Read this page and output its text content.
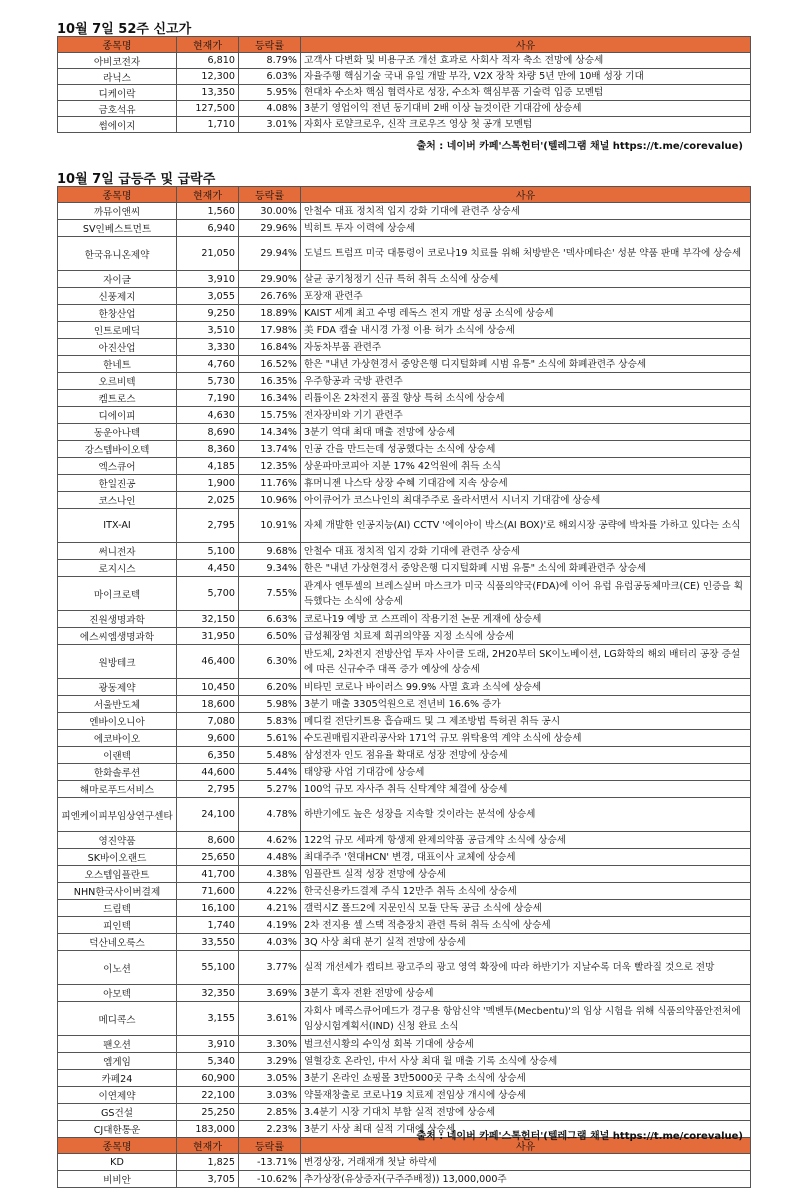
10월 7일 52주 신고가
종목명	현재가	등락률	사유
아비코전자	6,810	8.79%	고객사 다변화 및 비용구조 개선 효과로 사회사 적자 축소 전망에 상승세
라닉스	12,300	6.03%	자율주행 핵심기술 국내 유일 개발 부각, V2X 장착 차량 5년 만에 10배 성장 기대
디케이락	13,350	5.95%	현대차 수소차 핵심 협력사로 성장, 수소차 핵심부품 기술력 입증 모멘텀
금호석유	127,500	4.08%	3분기 영업이익 전년 동기대비 2배 이상 늘것이란 기대감에 상승세
썸에이지	1,710	3.01%	자회사 로얄크로우, 신작 크로우즈 영상 첫 공개 모멘텀
출처 : 네이버 카페'스톡헌터'(텔레그램 채널 https://t.me/corevalue)
10월 7일 급등주 및 급락주
종목명	현재가	등락률	사유
까뮤이앤씨	1,560	30.00%	안철수 대표 정치적 입지 강화 기대에 관련주 상승세
SV인베스트먼트	6,940	29.96%	빅히트 투자 이력에 상승세
한국유니온제약	21,050	29.94%	도널드 트럼프 미국 대통령이 코로나19 치료를 위해 처방받은 '덱사메타손' 성분 약품 판매 부각에 상승세
자이글	3,910	29.90%	살균 공기청정기 신규 특허 취득 소식에 상승세
신풍제지	3,055	26.76%	포장재 관련주
한창산업	9,250	18.89%	KAIST 세계 최고 수명 레독스 전지 개발 성공 소식에 상승세
인트로메딕	3,510	17.98%	美 FDA 캡슐 내시경 가정 이용 허가 소식에 상승세
아진산업	3,330	16.84%	자동차부품 관련주
한네트	4,760	16.52%	한은 "내년 가상현경서 중앙은행 디지털화폐 시범 유통" 소식에 화폐관련주 상승세
오르비텍	5,730	16.35%	우주항공과 국방 관련주
켐트로스	7,190	16.34%	리튬이온 2차전지 품질 향상 특허 소식에 상승세
디에이피	4,630	15.75%	전자장비와 기기 관련주
동운아나텍	8,690	14.34%	3분기 역대 최대 매출 전망에 상승세
강스템바이오텍	8,360	13.74%	인공 간을 만드는데 성공했다는 소식에 상승세
엑스큐어	4,185	12.35%	상운파마코피아 지분 17% 42억원에 취득 소식
한일진공	1,900	11.76%	휴머니젠 나스닥 상장 수혜 기대감에 지속 상승세
코스나인	2,025	10.96%	아이큐어가 코스나인의 최대주주로 올라서면서 시너지 기대감에 상승세
ITX-AI	2,795	10.91%	자체 개발한 인공지능(AI) CCTV '에이아이 박스(AI BOX)'로 해외시장 공략에 박차를 가하고 있다는 소식
써니전자	5,100	9.68%	안철수 대표 정치적 입지 강화 기대에 관련주 상승세
로지시스	4,450	9.34%	한은 "내년 가상현경서 중앙은행 디지털화폐 시범 유통" 소식에 화폐관련주 상승세
마이크로텍	5,700	7.55%	관계사 엔투셀의 브레스실버 마스크가 미국 식품의약국(FDA)에 이어 유럽 유럽공동체마크(CE) 인증을 획득했다는 소식에 상승세
진원생명과학	32,150	6.63%	코로나19 예방 코 스프레이 작용기전 논문 게재에 상승세
에스씨엠생명과학	31,950	6.50%	급성췌장염 치료제 희귀의약품 지정 소식에 상승세
원방테크	46,400	6.30%	반도체, 2차전지 전방산업 투자 사이클 도래, 2H20부터 SK이노베이션, LG화학의 해외 배터리 공장 증설에 따른 신규수주 대폭 증가 예상에 상승세
광동제약	10,450	6.20%	비타민 코로나 바이러스 99.9% 사멸 효과 소식에 상승세
서울반도체	18,600	5.98%	3분기 매출 3305억원으로 전년비 16.6% 증가
엔바이오니아	7,080	5.83%	메디컬 전단키트용 흡습패드 및 그 제조방법 특허권 취득 공시
에코바이오	9,600	5.61%	수도권매립지관리공사와 171억 규모 위탁용역 계약 소식에 상승세
이랜텍	6,350	5.48%	삼성전자 인도 점유율 확대로 성장 전망에 상승세
한화솔루션	44,600	5.44%	태양광 사업 기대감에 상승세
해마로푸드서비스	2,795	5.27%	100억 규모 자사주 취득 신탁계약 체결에 상승세
피엔케이피부임상연구센타	24,100	4.78%	하반기에도 높은 성장을 지속할 것이라는 분석에 상승세
영진약품	8,600	4.62%	122억 규모 세파계 항생제 완제의약품 공급계약 소식에 상승세
SK바이오랜드	25,650	4.48%	최대주주 '현대HCN' 변경, 대표이사 교체에 상승세
오스템임플란트	41,700	4.38%	임플란트 실적 성장 전망에 상승세
NHN한국사이버결제	71,600	4.22%	한국신용카드결제 주식 12만주 취득 소식에 상승세
드림텍	16,100	4.21%	갤럭시Z 폴드2에 지문인식 모듈 단독 공급 소식에 상승세
피인텍	1,740	4.19%	2차 전지용 셀 스택 적층장치 관련 특허 취득 소식에 상승세
덕산네오룩스	33,550	4.03%	3Q 사상 최대 분기 실적 전망에 상승세
이노션	55,100	3.77%	실적 개선세가 캡티브 광고주의 광고 영역 확장에 따라 하반기가 지날수록 더욱 빨라질 것으로 전망
아모텍	32,350	3.69%	3분기 흑자 전환 전망에 상승세
메디콕스	3,155	3.61%	자회사 메콕스큐어메드가 경구용 항암신약 '멕벤투(Mecbentu)'의 임상 시험을 위해 식품의약품안전처에 임상시험계획서(IND) 신청 완료 소식
팬오션	3,910	3.30%	벌크선시황의 수익성 회복 기대에 상승세
엠게임	5,340	3.29%	열혈강호 온라인, 中서 사상 최대 월 매출 기록 소식에 상승세
카페24	60,900	3.05%	3분기 온라인 쇼핑몰 3만5000곳 구축 소식에 상승세
이연제약	22,100	3.03%	약물재창출로 코로나19 치료제 전임상 개시에 상승세
GS건설	25,250	2.85%	3.4분기 시장 기대치 부합 실적 전망에 상승세
CJ대한통운	183,000	2.23%	3분기 사상 최대 실적 기대에 상승세
종목명	현재가	등락률	사유
KD	1,825	-13.71%	변경상장, 거래재개 첫날 하락세
비비안	3,705	-10.62%	추가상장(유상증자(구주주배정)) 13,000,000주
출처 : 네이버 카페'스톡헌터'(텔레그램 채널 https://t.me/corevalue)
